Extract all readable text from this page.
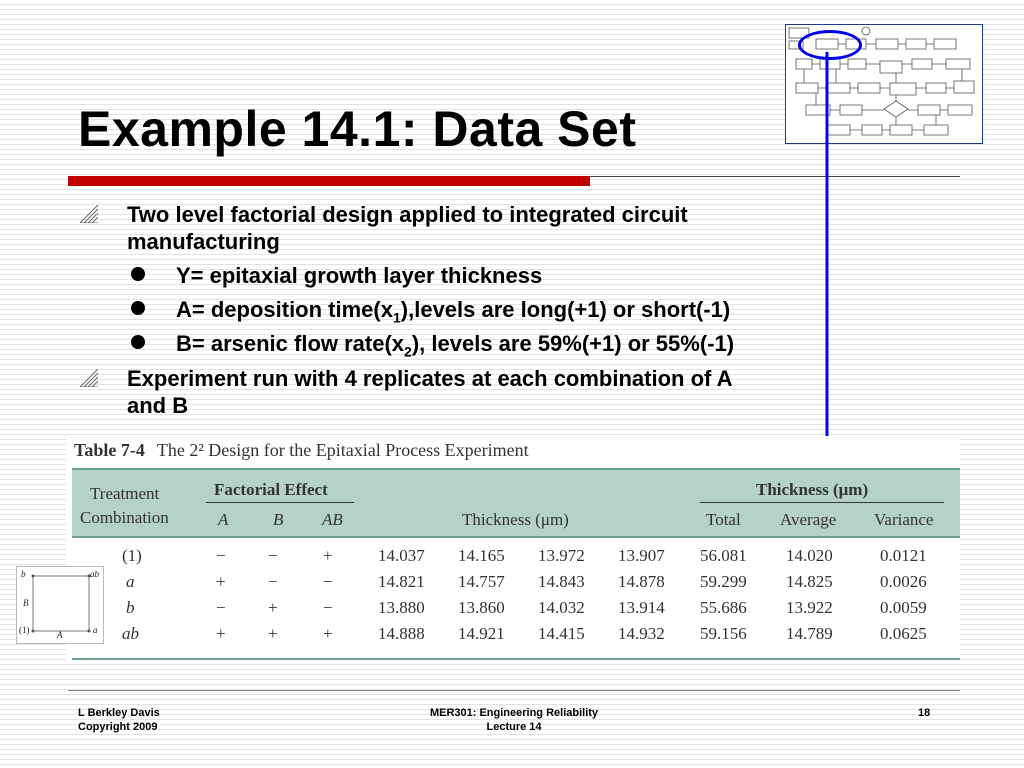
Example 14.1: Data Set
Two level factorial design applied to integrated circuit
manufacturing
Y= epitaxial growth layer thickness
A= deposition $time(x_1),levels$ are long(+1) or short(-1)
B= arsenic flow $rate(x_2)$, levels are 59%(+1) or 55%(-1)
Experiment run with 4 replicates at each combination of A
and B
Table 7-4 The 2² Design for the Epitaxial Process Experiment
Treatment
Combination
Factorial Effect
A	B AB	Thickness (μm)
Thickness (μm)
Total Average Variance
(1)	− −	+	14.037 14.165 13.972 13.907 56.081 14.020	0.0121
a	+ −	−	14.821 14.757 14.843 14.878 59.299 14.825	0.0026
b	− +	−	13.880 13.860 14.032 13.914 55.686 13.922	0.0059
ab	+ +	+	14.888 14.921 14.415 14.932 59.156 14.789	0.0625
b	ab
(1)	a
A
B
L Berkley Davis
Copyright 2009
MER301: Engineering Reliability
Lecture 14
18
